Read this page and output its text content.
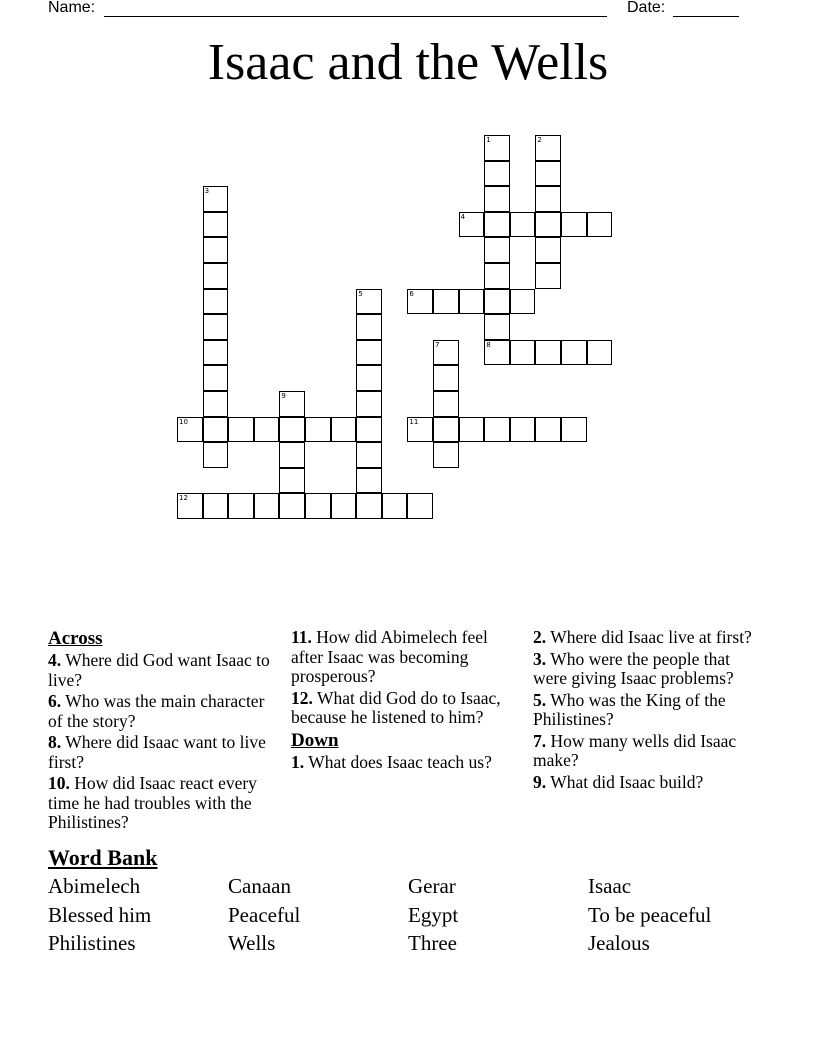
Name:	Date:
Isaac and the Wells
1	2
3
4
5	6
7	8
9
10	11
12
Across
4. Where did God want Isaac to live?
6. Who was the main character of the story?
8. Where did Isaac want to live first?
10. How did Isaac react every time he had troubles with the Philistines?
11. How did Abimelech feel after Isaac was becoming prosperous?
12. What did God do to Isaac, because he listened to him?
Down
1. What does Isaac teach us?
2. Where did Isaac live at first?
3. Who were the people that were giving Isaac problems?
5. Who was the King of the Philistines?
7. How many wells did Isaac make?
9. What did Isaac build?
Word Bank
Abimelech	Canaan	Gerar	Isaac
Blessed him	Peaceful	Egypt	To be peaceful
Philistines	Wells	Three	Jealous
